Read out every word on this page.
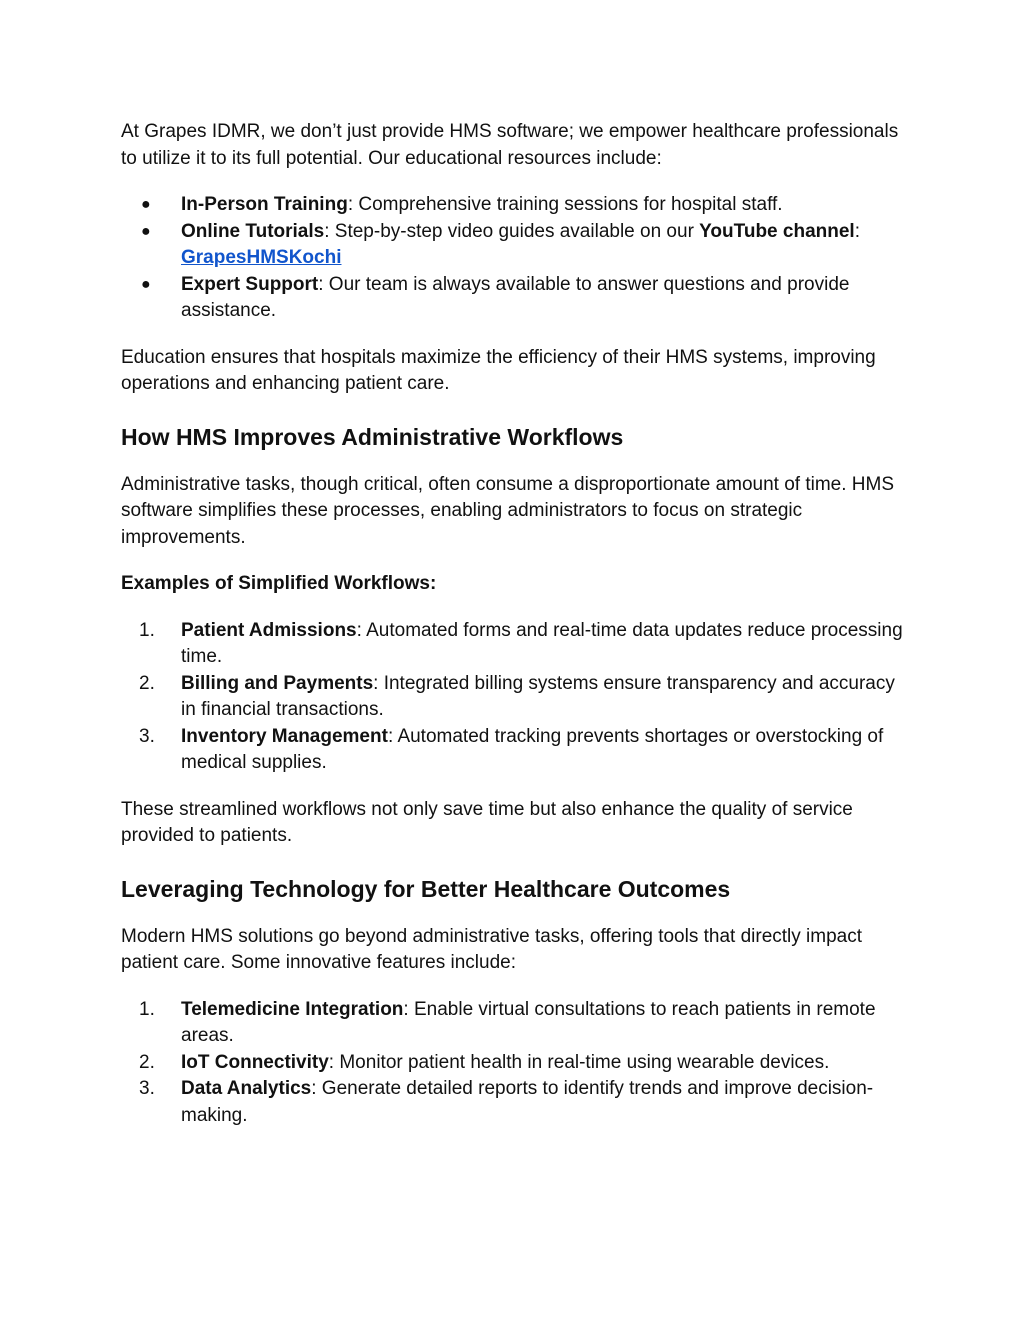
At Grapes IDMR, we don’t just provide HMS software; we empower healthcare professionals to utilize it to its full potential. Our educational resources include:

● In-Person Training: Comprehensive training sessions for hospital staff.
● Online Tutorials: Step-by-step video guides available on our YouTube channel: GrapesHMSKochi
● Expert Support: Our team is always available to answer questions and provide assistance.

Education ensures that hospitals maximize the efficiency of their HMS systems, improving operations and enhancing patient care.

How HMS Improves Administrative Workflows

Administrative tasks, though critical, often consume a disproportionate amount of time. HMS software simplifies these processes, enabling administrators to focus on strategic improvements.

Examples of Simplified Workflows:
1.	Patient Admissions: Automated forms and real-time data updates reduce processing time.
2.	Billing and Payments: Integrated billing systems ensure transparency and accuracy in financial transactions.
3.	Inventory Management: Automated tracking prevents shortages or overstocking of medical supplies.

These streamlined workflows not only save time but also enhance the quality of service provided to patients.

Leveraging Technology for Better Healthcare Outcomes

Modern HMS solutions go beyond administrative tasks, offering tools that directly impact patient care. Some innovative features include:

1.	Telemedicine Integration: Enable virtual consultations to reach patients in remote areas.
2.	IoT Connectivity: Monitor patient health in real-time using wearable devices.
3.	Data Analytics: Generate detailed reports to identify trends and improve decision-making.
